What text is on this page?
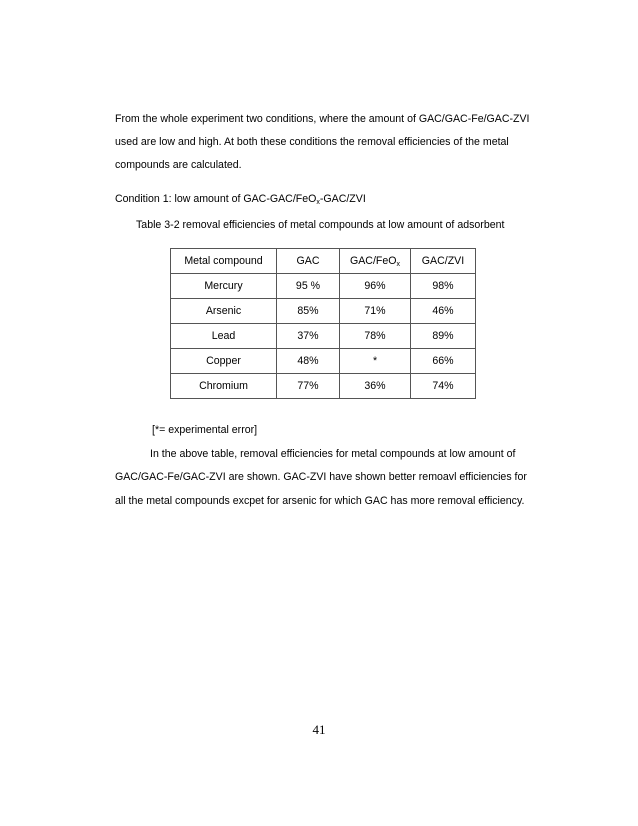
From the whole experiment two conditions, where the amount of GAC/GAC-Fe/GAC-ZVI
used are low and high. At both these conditions the removal efficiencies of the metal
compounds are calculated.
Condition 1: low amount of GAC-GAC/FeO$_x$-GAC/ZVI
Table 3-2 removal efficiencies of metal compounds at low amount of adsorbent
Metal compound	GAC	GAC/FeO$_x$	GAC/ZVI
Mercury	95 %	96%	98%
Arsenic	85%	71%	46%
Lead	37%	78%	89%
Copper	48%	*	66%
Chromium	77%	36%	74%
[*= experimental error]
In the above table, removal efficiencies for metal compounds at low amount of
GAC/GAC-Fe/GAC-ZVI are shown. GAC-ZVI have shown better remoavl efficiencies for
all the metal compounds excpet for arsenic for which GAC has more removal efficiency.
41
